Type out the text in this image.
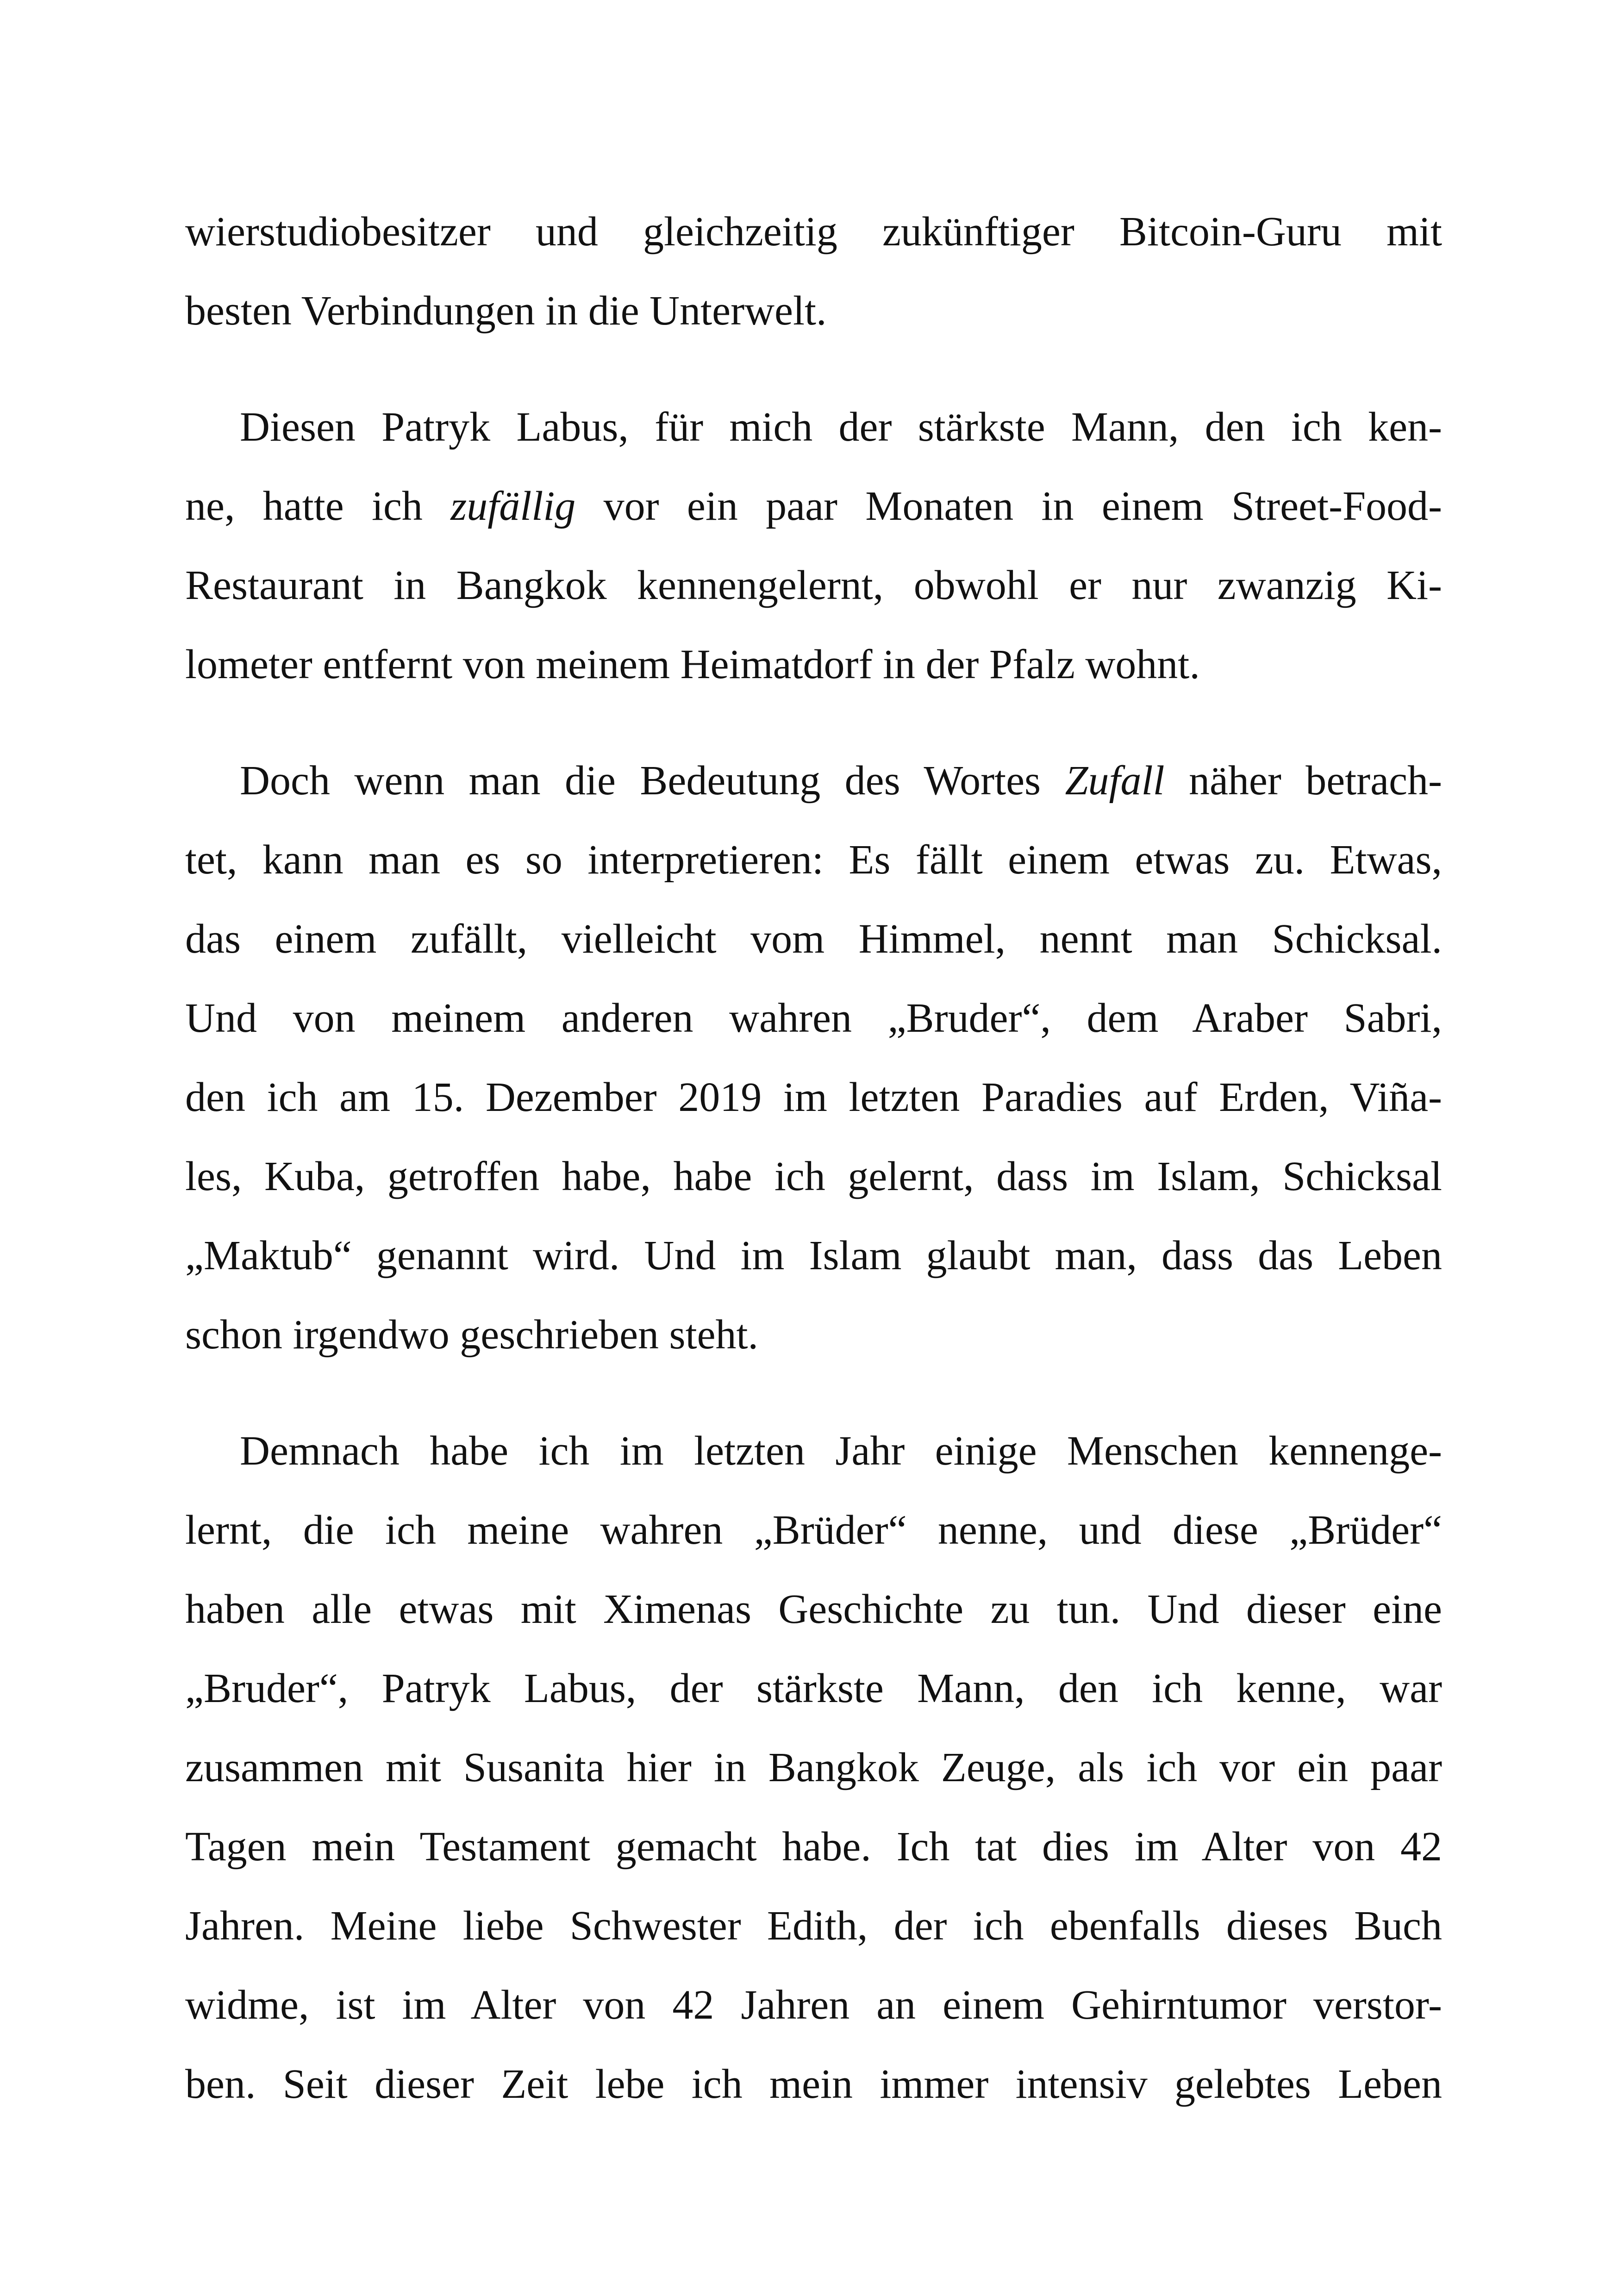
wierstudiobesitzer und gleichzeitig zukünftiger Bitcoin-Guru mit
besten Verbindungen in die Unterwelt.
Diesen Patryk Labus, für mich der stärkste Mann, den ich ken-
ne, hatte ich zufällig vor ein paar Monaten in einem Street-Food-
Restaurant in Bangkok kennengelernt, obwohl er nur zwanzig Ki-
lometer entfernt von meinem Heimatdorf in der Pfalz wohnt.
Doch wenn man die Bedeutung des Wortes Zufall näher betrach-
tet, kann man es so interpretieren: Es fällt einem etwas zu. Etwas,
das einem zufällt, vielleicht vom Himmel, nennt man Schicksal.
Und von meinem anderen wahren „Bruder“, dem Araber Sabri,
den ich am 15. Dezember 2019 im letzten Paradies auf Erden, Viña-
les, Kuba, getroffen habe, habe ich gelernt, dass im Islam, Schicksal
„Maktub“ genannt wird. Und im Islam glaubt man, dass das Leben
schon irgendwo geschrieben steht.
Demnach habe ich im letzten Jahr einige Menschen kennenge-
lernt, die ich meine wahren „Brüder“ nenne, und diese „Brüder“
haben alle etwas mit Ximenas Geschichte zu tun. Und dieser eine
„Bruder“, Patryk Labus, der stärkste Mann, den ich kenne, war
zusammen mit Susanita hier in Bangkok Zeuge, als ich vor ein paar
Tagen mein Testament gemacht habe. Ich tat dies im Alter von 42
Jahren. Meine liebe Schwester Edith, der ich ebenfalls dieses Buch
widme, ist im Alter von 42 Jahren an einem Gehirntumor verstor-
ben. Seit dieser Zeit lebe ich mein immer intensiv gelebtes Leben
